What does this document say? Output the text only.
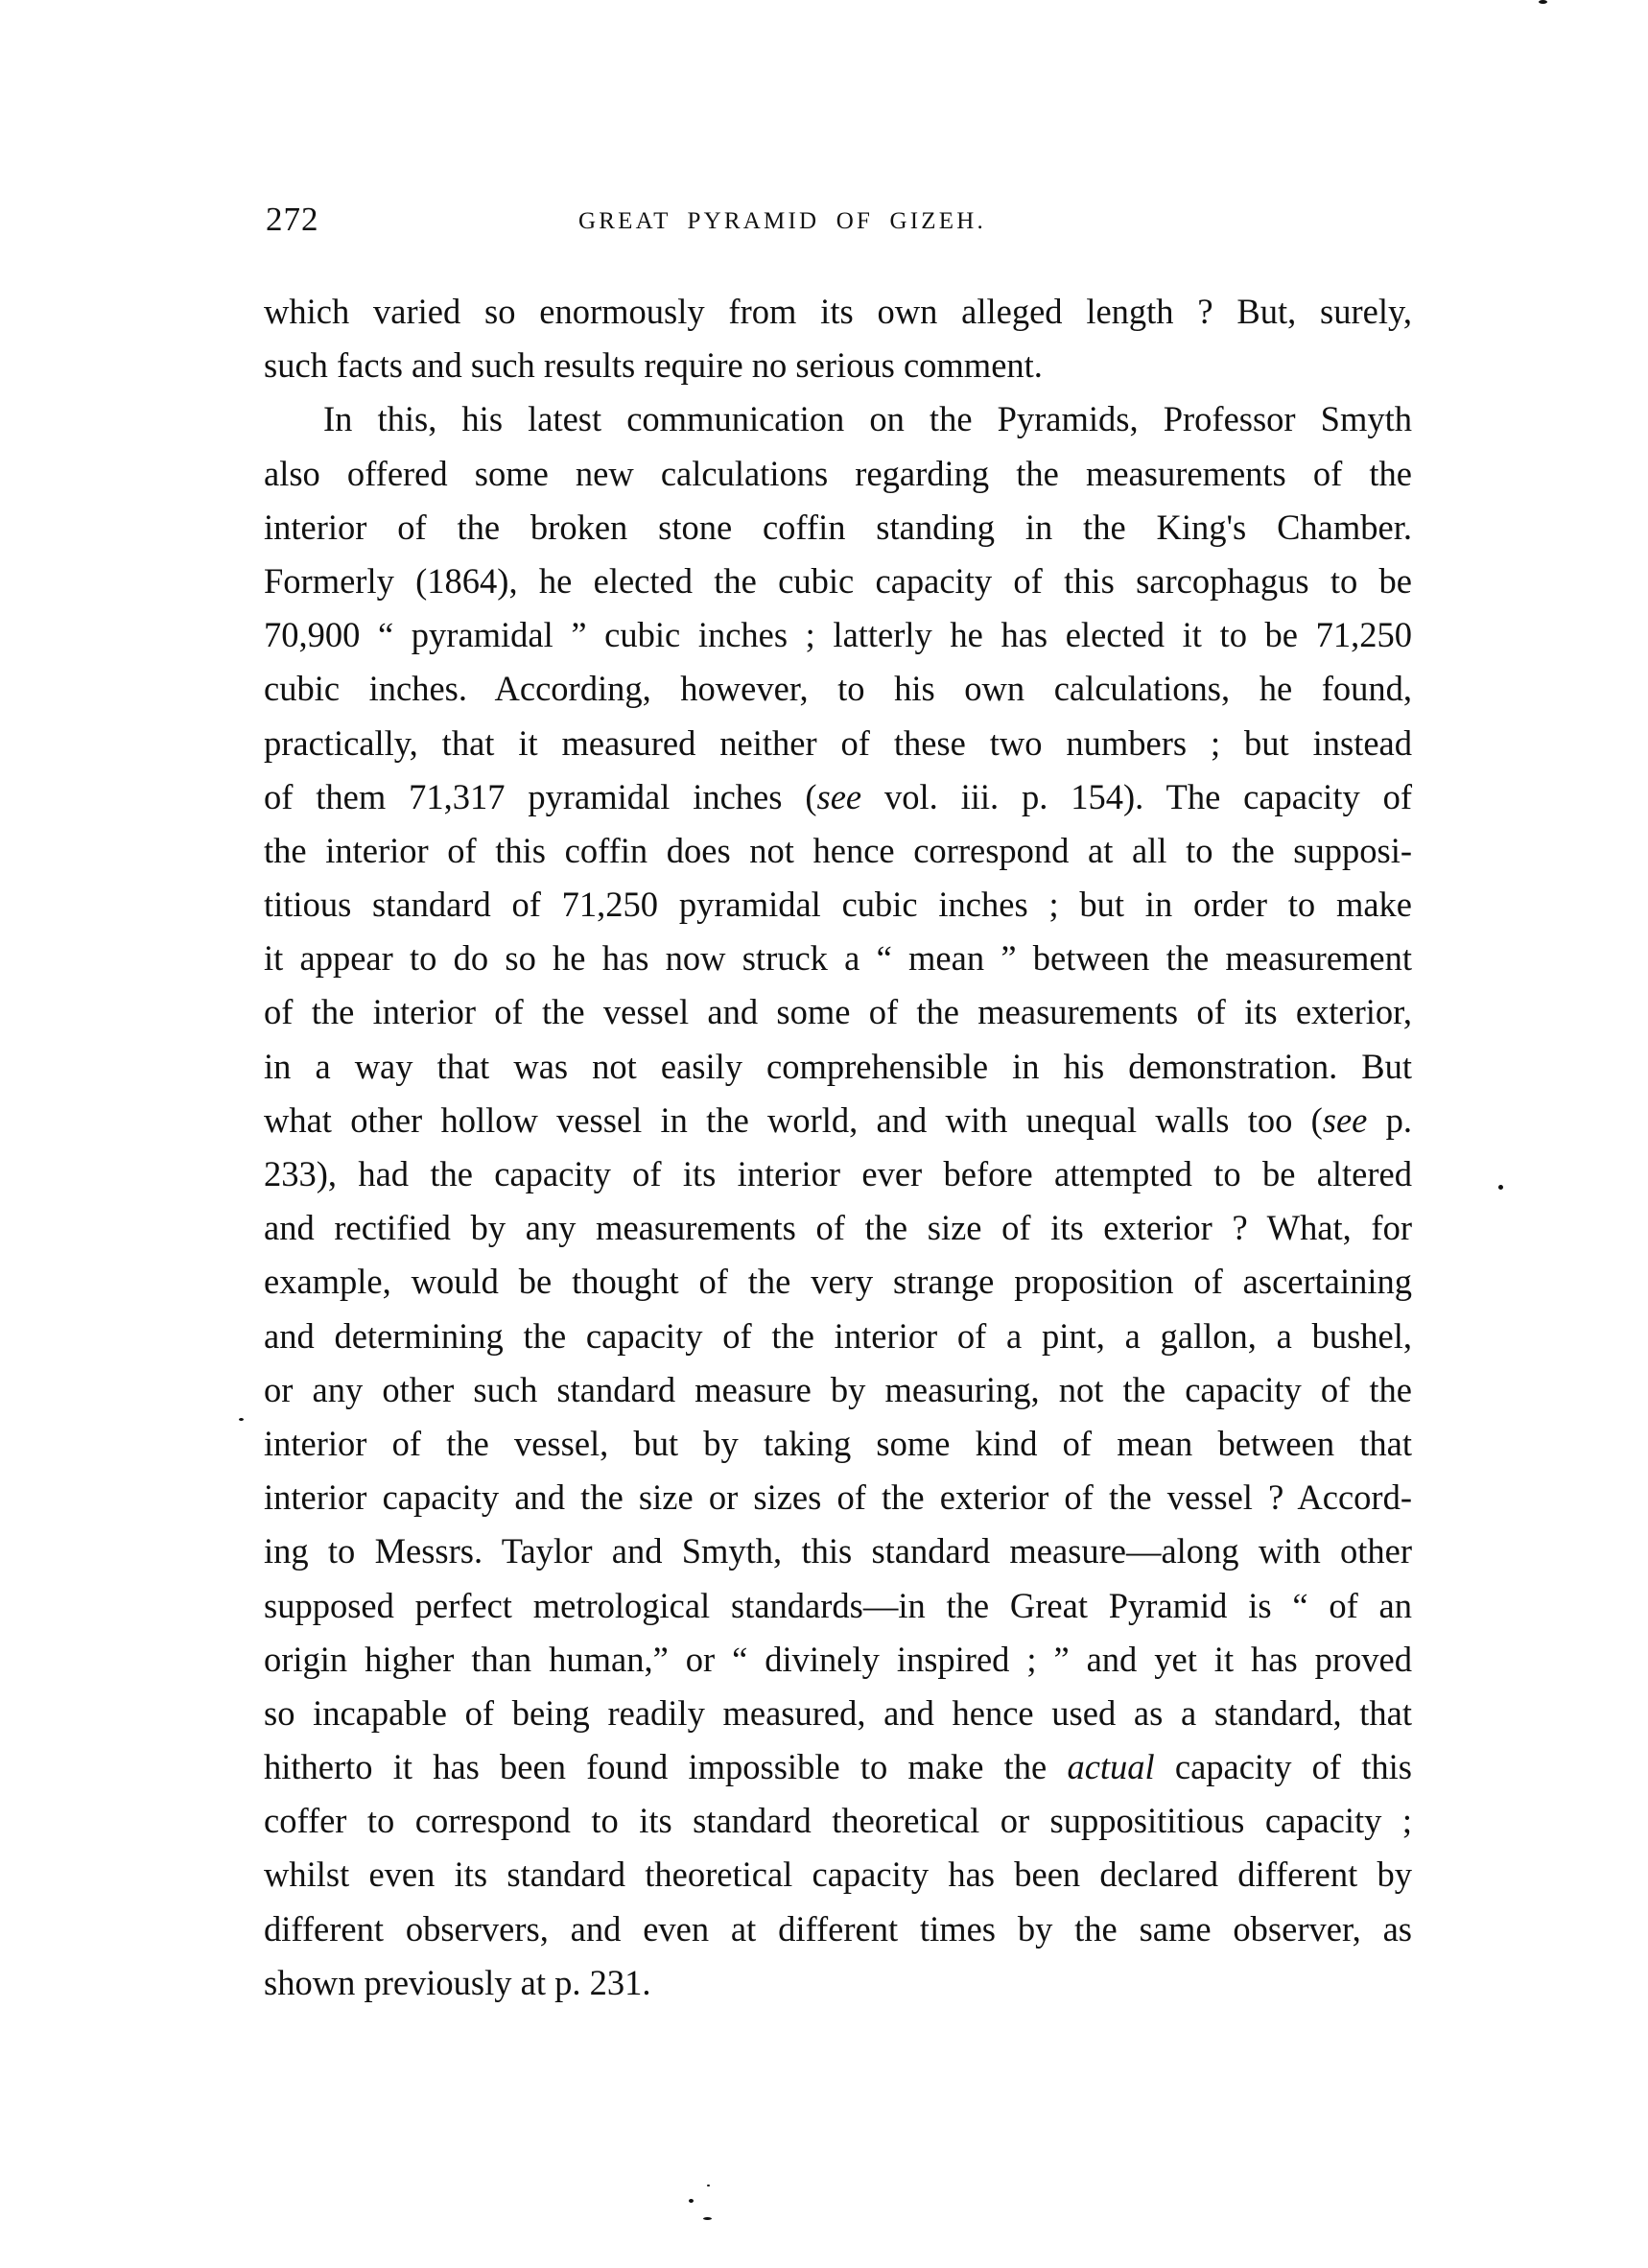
272	GREAT PYRAMID OF GIZEH.
which varied so enormously from its own alleged length ? But, surely,
such facts and such results require no serious comment.
In this, his latest communication on the Pyramids, Professor Smyth
also offered some new calculations regarding the measurements of the
interior of the broken stone coffin standing in the King's Chamber.
Formerly (1864), he elected the cubic capacity of this sarcophagus to be
70,900 “ pyramidal ” cubic inches ; latterly he has elected it to be 71,250
cubic inches. According, however, to his own calculations, he found,
practically, that it measured neither of these two numbers ; but instead
of them 71,317 pyramidal inches (see vol. iii. p. 154). The capacity of
the interior of this coffin does not hence correspond at all to the supposi-
titious standard of 71,250 pyramidal cubic inches ; but in order to make
it appear to do so he has now struck a “ mean ” between the measurement
of the interior of the vessel and some of the measurements of its exterior,
in a way that was not easily comprehensible in his demonstration. But
what other hollow vessel in the world, and with unequal walls too (see p.
233), had the capacity of its interior ever before attempted to be altered
and rectified by any measurements of the size of its exterior ? What, for
example, would be thought of the very strange proposition of ascertaining
and determining the capacity of the interior of a pint, a gallon, a bushel,
or any other such standard measure by measuring, not the capacity of the
interior of the vessel, but by taking some kind of mean between that
interior capacity and the size or sizes of the exterior of the vessel ? Accord-
ing to Messrs. Taylor and Smyth, this standard measure—along with other
supposed perfect metrological standards—in the Great Pyramid is “ of an
origin higher than human,” or “ divinely inspired ; ” and yet it has proved
so incapable of being readily measured, and hence used as a standard, that
hitherto it has been found impossible to make the actual capacity of this
coffer to correspond to its standard theoretical or supposititious capacity ;
whilst even its standard theoretical capacity has been declared different by
different observers, and even at different times by the same observer, as
shown previously at p. 231.
